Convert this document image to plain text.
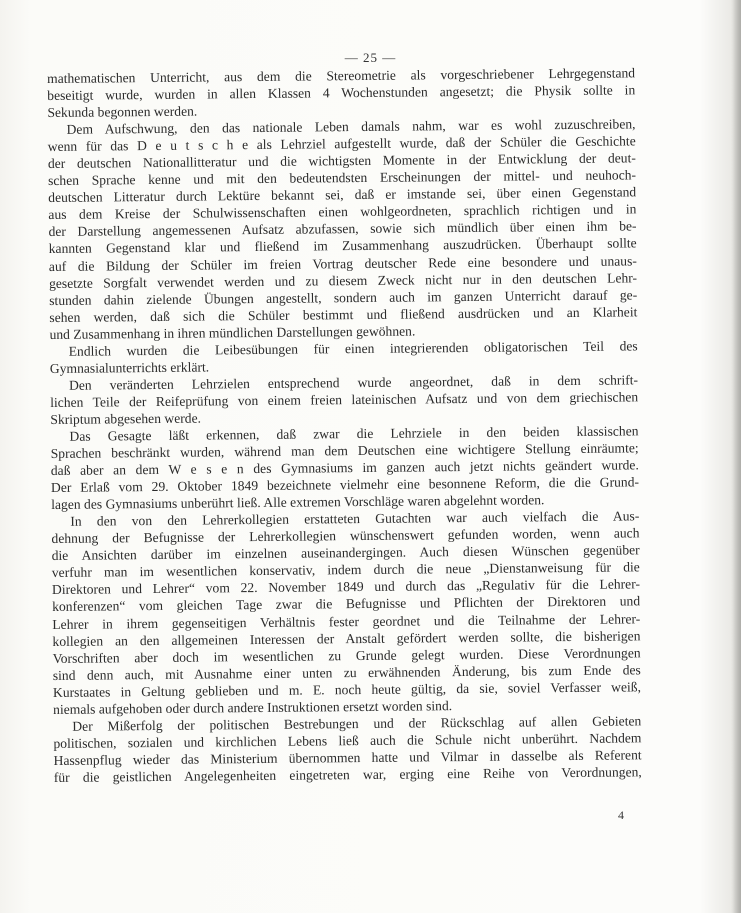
— 25 —
mathematischen Unterricht, aus dem die Stereometrie als vorgeschriebener Lehrgegenstand
beseitigt wurde, wurden in allen Klassen 4 Wochenstunden angesetzt; die Physik sollte in
Sekunda begonnen werden.
Dem Aufschwung, den das nationale Leben damals nahm, war es wohl zuzuschreiben,
wenn für das D e u t s c h e als Lehrziel aufgestellt wurde, daß der Schüler die Geschichte
der deutschen Nationallitteratur und die wichtigsten Momente in der Entwicklung der deut-
schen Sprache kenne und mit den bedeutendsten Erscheinungen der mittel- und neuhoch-
deutschen Litteratur durch Lektüre bekannt sei, daß er imstande sei, über einen Gegenstand
aus dem Kreise der Schulwissenschaften einen wohlgeordneten, sprachlich richtigen und in
der Darstellung angemessenen Aufsatz abzufassen, sowie sich mündlich über einen ihm be-
kannten Gegenstand klar und fließend im Zusammenhang auszudrücken. Überhaupt sollte
auf die Bildung der Schüler im freien Vortrag deutscher Rede eine besondere und unaus-
gesetzte Sorgfalt verwendet werden und zu diesem Zweck nicht nur in den deutschen Lehr-
stunden dahin zielende Übungen angestellt, sondern auch im ganzen Unterricht darauf ge-
sehen werden, daß sich die Schüler bestimmt und fließend ausdrücken und an Klarheit
und Zusammenhang in ihren mündlichen Darstellungen gewöhnen.
Endlich wurden die Leibesübungen für einen integrierenden obligatorischen Teil des
Gymnasialunterrichts erklärt.
Den veränderten Lehrzielen entsprechend wurde angeordnet, daß in dem schrift-
lichen Teile der Reifeprüfung von einem freien lateinischen Aufsatz und von dem griechischen
Skriptum abgesehen werde.
Das Gesagte läßt erkennen, daß zwar die Lehrziele in den beiden klassischen
Sprachen beschränkt wurden, während man dem Deutschen eine wichtigere Stellung einräumte;
daß aber an dem W e s e n des Gymnasiums im ganzen auch jetzt nichts geändert wurde.
Der Erlaß vom 29. Oktober 1849 bezeichnete vielmehr eine besonnene Reform, die die Grund-
lagen des Gymnasiums unberührt ließ. Alle extremen Vorschläge waren abgelehnt worden.
In den von den Lehrerkollegien erstatteten Gutachten war auch vielfach die Aus-
dehnung der Befugnisse der Lehrerkollegien wünschenswert gefunden worden, wenn auch
die Ansichten darüber im einzelnen auseinandergingen. Auch diesen Wünschen gegenüber
verfuhr man im wesentlichen konservativ, indem durch die neue „Dienstanweisung für die
Direktoren und Lehrer“ vom 22. November 1849 und durch das „Regulativ für die Lehrer-
konferenzen“ vom gleichen Tage zwar die Befugnisse und Pflichten der Direktoren und
Lehrer in ihrem gegenseitigen Verhältnis fester geordnet und die Teilnahme der Lehrer-
kollegien an den allgemeinen Interessen der Anstalt gefördert werden sollte, die bisherigen
Vorschriften aber doch im wesentlichen zu Grunde gelegt wurden. Diese Verordnungen
sind denn auch, mit Ausnahme einer unten zu erwähnenden Änderung, bis zum Ende des
Kurstaates in Geltung geblieben und m. E. noch heute gültig, da sie, soviel Verfasser weiß,
niemals aufgehoben oder durch andere Instruktionen ersetzt worden sind.
Der Mißerfolg der politischen Bestrebungen und der Rückschlag auf allen Gebieten
politischen, sozialen und kirchlichen Lebens ließ auch die Schule nicht unberührt. Nachdem
Hassenpflug wieder das Ministerium übernommen hatte und Vilmar in dasselbe als Referent
für die geistlichen Angelegenheiten eingetreten war, erging eine Reihe von Verordnungen,
4
